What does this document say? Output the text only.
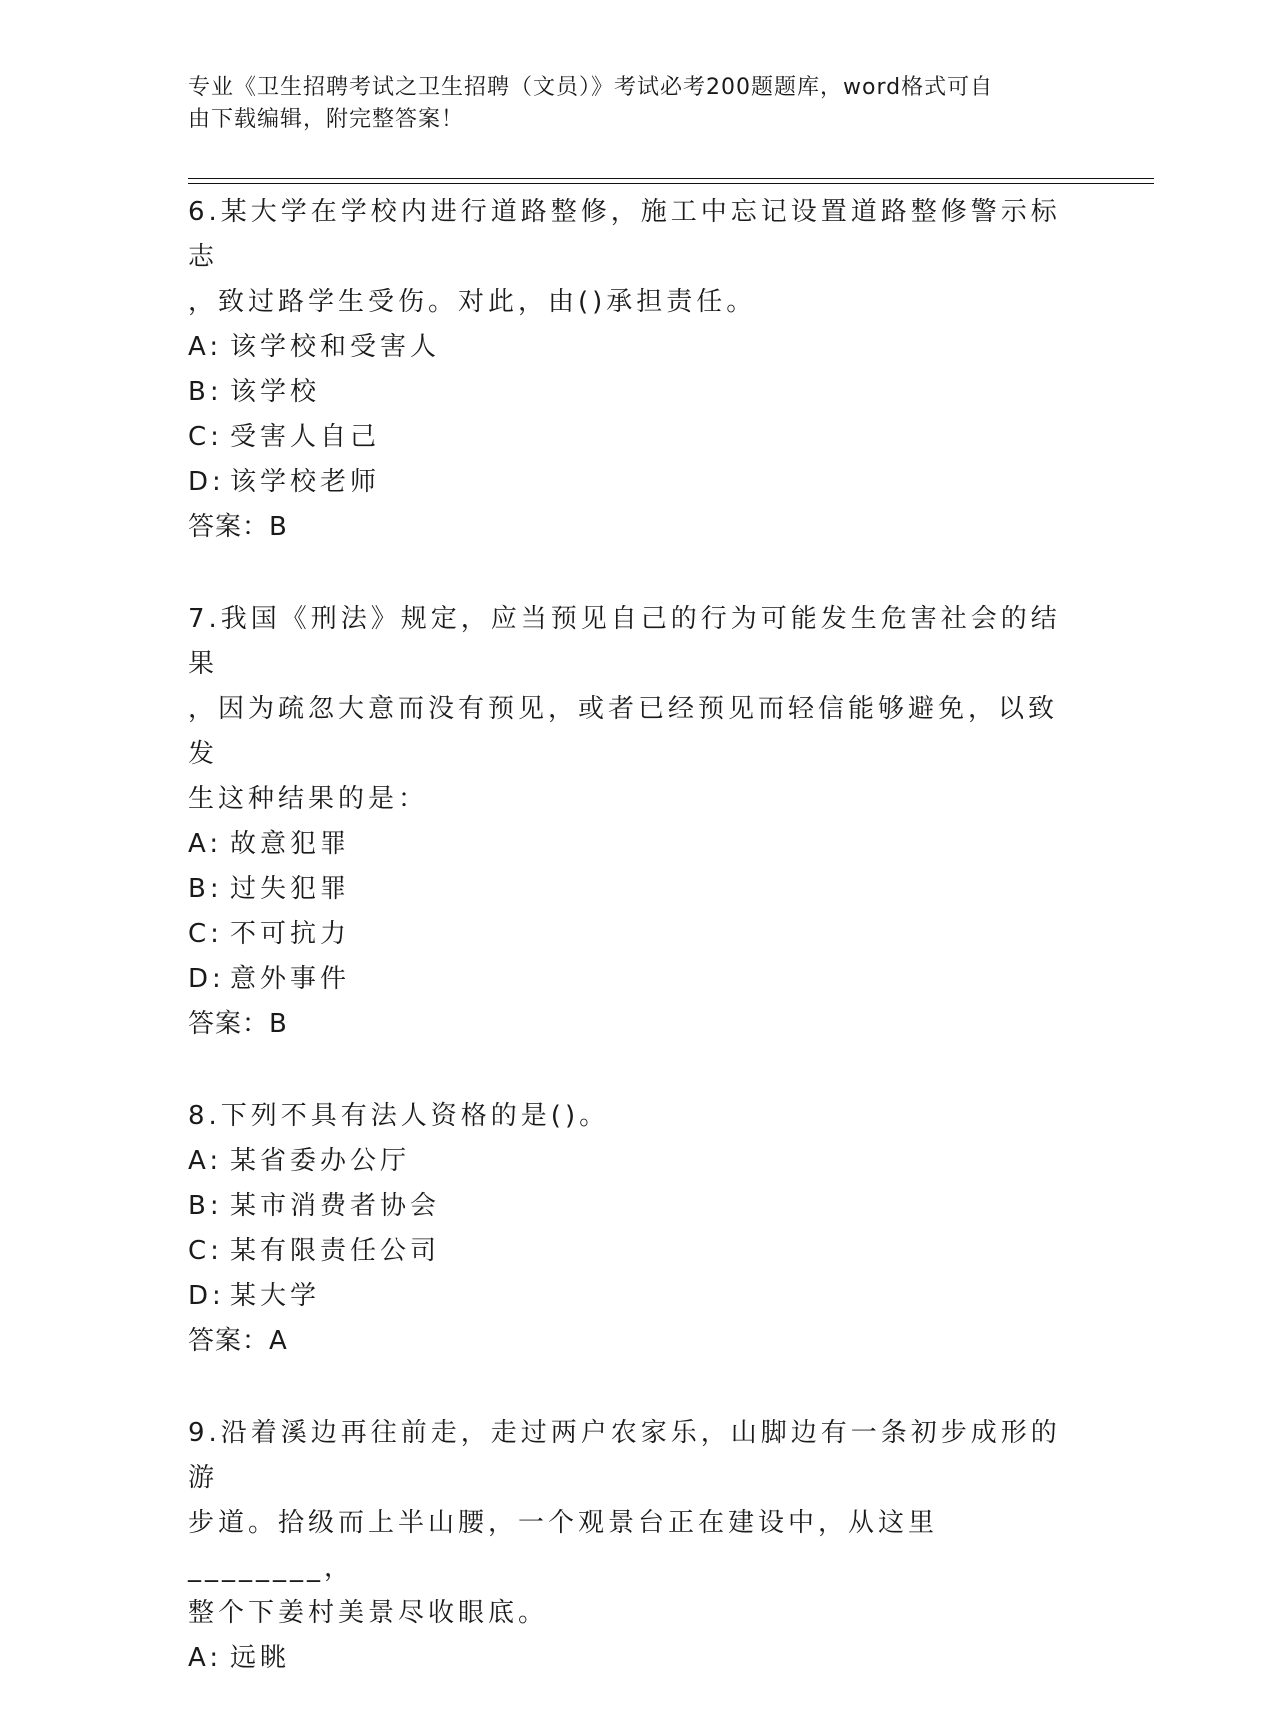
专业《卫生招聘考试之卫生招聘（文员）》考试必考200题题库，word格式可自
由下载编辑，附完整答案！
6.某大学在学校内进行道路整修，施工中忘记设置道路整修警示标志
，致过路学生受伤。对此，由()承担责任。
A: 该学校和受害人
B: 该学校
C: 受害人自己
D: 该学校老师
答案：B
7.我国《刑法》规定，应当预见自己的行为可能发生危害社会的结果
，因为疏忽大意而没有预见，或者已经预见而轻信能够避免，以致发
生这种结果的是：
A: 故意犯罪
B: 过失犯罪
C: 不可抗力
D: 意外事件
答案：B
8.下列不具有法人资格的是()。
A: 某省委办公厅
B: 某市消费者协会
C: 某有限责任公司
D: 某大学
答案：A
9.沿着溪边再往前走，走过两户农家乐，山脚边有一条初步成形的游
步道。拾级而上半山腰，一个观景台正在建设中，从这里________，
整个下姜村美景尽收眼底。
A: 远眺
